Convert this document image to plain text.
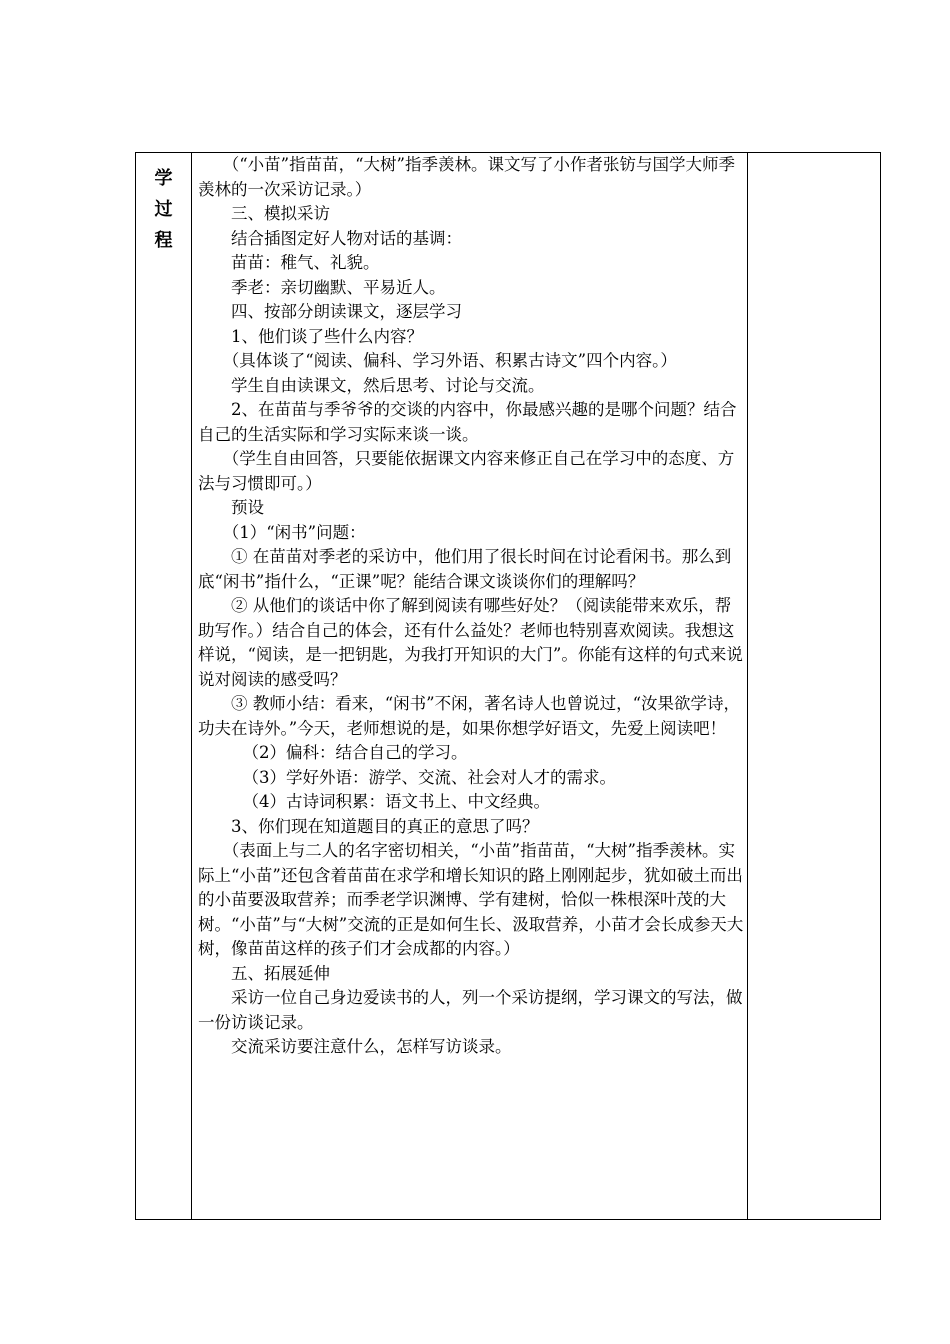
学
过
程

（“小苗”指苗苗，“大树”指季羡林。课文写了小作者张钫与国学大师季羡林的一次采访记录。）

三、模拟采访

结合插图定好人物对话的基调：

苗苗：稚气、礼貌。

季老：亲切幽默、平易近人。

四、按部分朗读课文，逐层学习

1、他们谈了些什么内容？

（具体谈了“阅读、偏科、学习外语、积累古诗文”四个内容。）

学生自由读课文，然后思考、讨论与交流。

2、在苗苗与季爷爷的交谈的内容中，你最感兴趣的是哪个问题？结合自己的生活实际和学习实际来谈一谈。

（学生自由回答，只要能依据课文内容来修正自己在学习中的态度、方法与习惯即可。）

预设

（1）“闲书”问题：

① 在苗苗对季老的采访中，他们用了很长时间在讨论看闲书。那么到底“闲书”指什么，“正课”呢？能结合课文谈谈你们的理解吗？

② 从他们的谈话中你了解到阅读有哪些好处？（阅读能带来欢乐，帮助写作。）结合自己的体会，还有什么益处？老师也特别喜欢阅读。我想这样说，“阅读，是一把钥匙，为我打开知识的大门”。你能有这样的句式来说说对阅读的感受吗？

③ 教师小结：看来，“闲书”不闲，著名诗人也曾说过，“汝果欲学诗，功夫在诗外。”今天，老师想说的是，如果你想学好语文，先爱上阅读吧！

（2）偏科：结合自己的学习。

（3）学好外语：游学、交流、社会对人才的需求。

（4）古诗词积累：语文书上、中文经典。

3、你们现在知道题目的真正的意思了吗？

（表面上与二人的名字密切相关，“小苗”指苗苗，“大树”指季羡林。实际上“小苗”还包含着苗苗在求学和增长知识的路上刚刚起步，犹如破土而出的小苗要汲取营养；而季老学识渊博、学有建树，恰似一株根深叶茂的大树。“小苗”与“大树”交流的正是如何生长、汲取营养，小苗才会长成参天大树，像苗苗这样的孩子们才会成都的内容。）

五、拓展延伸

采访一位自己身边爱读书的人，列一个采访提纲，学习课文的写法，做一份访谈记录。

交流采访要注意什么，怎样写访谈录。
